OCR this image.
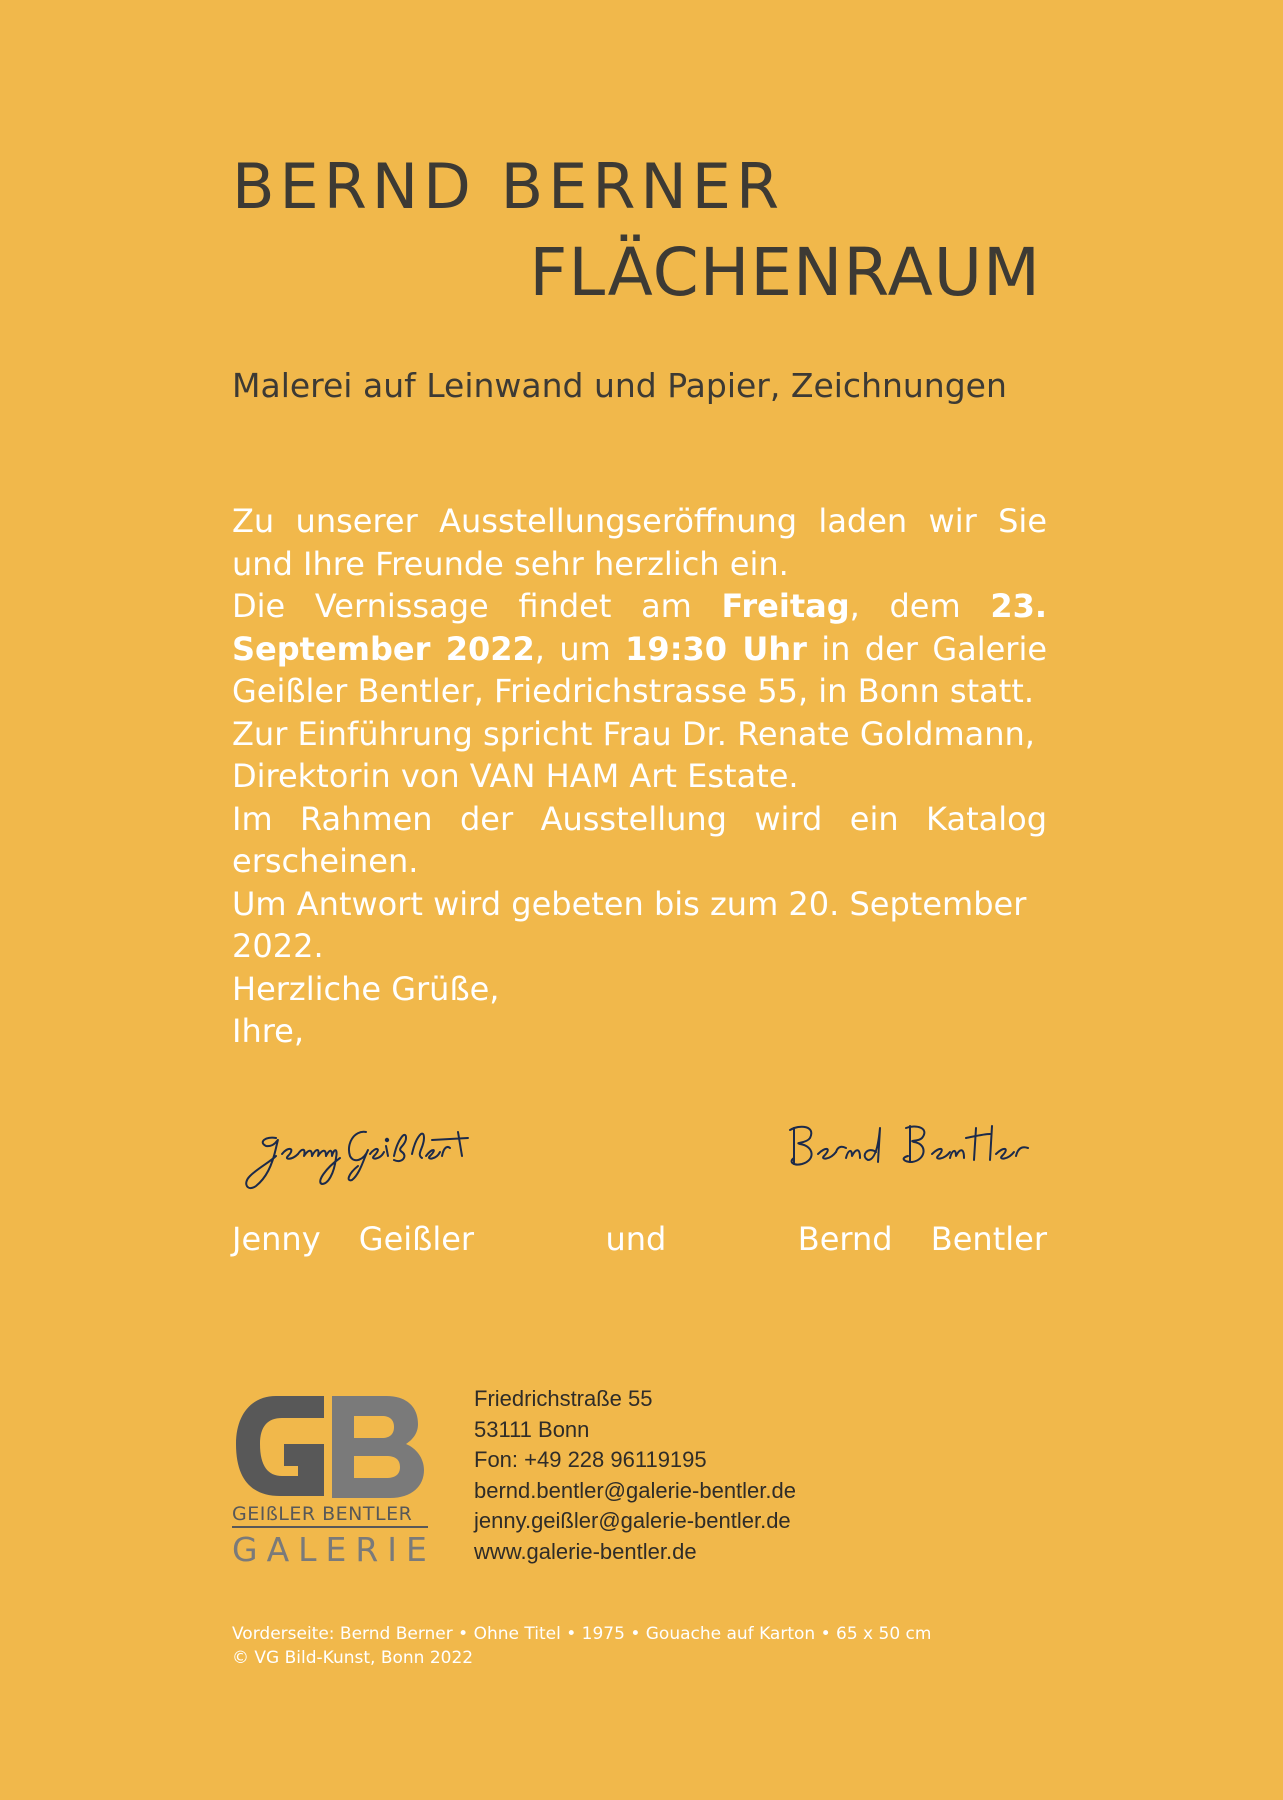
BERND BERNER
FLÄCHENRAUM
Malerei auf Leinwand und Papier, Zeichnungen

Zu unserer Ausstellungseröffnung laden wir Sie und Ihre Freunde sehr herzlich ein.

Die Vernissage findet am Freitag, dem 23. September 2022, um 19:30 Uhr in der Galerie Geißler Bentler, Friedrichstrasse 55, in Bonn statt.

Zur Einführung spricht Frau Dr. Renate Goldmann, Direktorin von VAN HAM Art Estate.

Im Rahmen der Ausstellung wird ein Katalog erscheinen.

Um Antwort wird gebeten bis zum 20. September 2022.

Herzliche Grüße,

Ihre,

Jenny Geißler	und	Bernd Bentler
GEIßLER BENTLER
GALERIE
Friedrichstraße 55
53111 Bonn
Fon: +49 228 96119195
bernd.bentler@galerie-bentler.de
jenny.geißler@galerie-bentler.de
www.galerie-bentler.de
Vorderseite: Bernd Berner • Ohne Titel • 1975 • Gouache auf Karton • 65 x 50 cm
© VG Bild-Kunst, Bonn 2022
